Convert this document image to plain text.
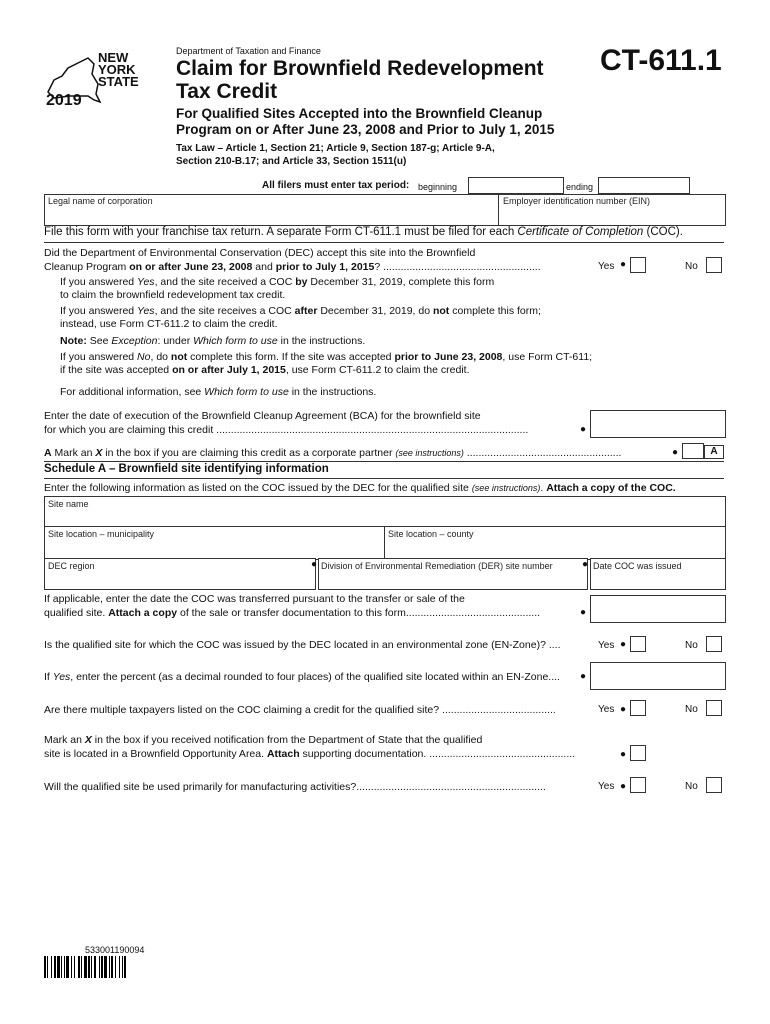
NEW
YORK
STATE
2019
Department of Taxation and Finance
Claim for Brownfield Redevelopment
Tax Credit
CT-611.1
For Qualified Sites Accepted into the Brownfield Cleanup
Program on or After June 23, 2008 and Prior to July 1, 2015
Tax Law – Article 1, Section 21; Article 9, Section 187-g; Article 9-A,
Section 210-B.17; and Article 33, Section 1511(u)
All filers must enter tax period: beginning	ending
Legal name of corporation	Employer identification number (EIN)
File this form with your franchise tax return. A separate Form CT-611.1 must be filed for each Certificate of Completion (COC).
Did the Department of Environmental Conservation (DEC) accept this site into the Brownfield
Cleanup Program on or after June 23, 2008 and prior to July 1, 2015? ......................................................	Yes ●	No
If you answered Yes, and the site received a COC by December 31, 2019, complete this form
to claim the brownfield redevelopment tax credit.
If you answered Yes, and the site receives a COC after December 31, 2019, do not complete this form;
instead, use Form CT-611.2 to claim the credit.
Note: See Exception: under Which form to use in the instructions.
If you answered No, do not complete this form. If the site was accepted prior to June 23, 2008, use Form CT-611;
if the site was accepted on or after July 1, 2015, use Form CT-611.2 to claim the credit.
For additional information, see Which form to use in the instructions.
Enter the date of execution of the Brownfield Cleanup Agreement (BCA) for the brownfield site
for which you are claiming this credit ...........................................................................................................	●
A Mark an X in the box if you are claiming this credit as a corporate partner (see instructions) .....................................................	●	A
Schedule A – Brownfield site identifying information
Enter the following information as listed on the COC issued by the DEC for the qualified site (see instructions). Attach a copy of the COC.
Site name
Site location – municipality	Site location – county
DEC region	● Division of Environmental Remediation (DER) site number	● Date COC was issued
If applicable, enter the date the COC was transferred pursuant to the transfer or sale of the
qualified site. Attach a copy of the sale or transfer documentation to this form..............................................	●
Is the qualified site for which the COC was issued by the DEC located in an environmental zone (EN-Zone)? ....	Yes ●	No
If Yes, enter the percent (as a decimal rounded to four places) of the qualified site located within an EN-Zone.... ●
Are there multiple taxpayers listed on the COC claiming a credit for the qualified site? .......................................	Yes ●	No
Mark an X in the box if you received notification from the Department of State that the qualified
site is located in a Brownfield Opportunity Area. Attach supporting documentation. ..................................................	●
Will the qualified site be used primarily for manufacturing activities?.................................................................	Yes ●	No
533001190094
